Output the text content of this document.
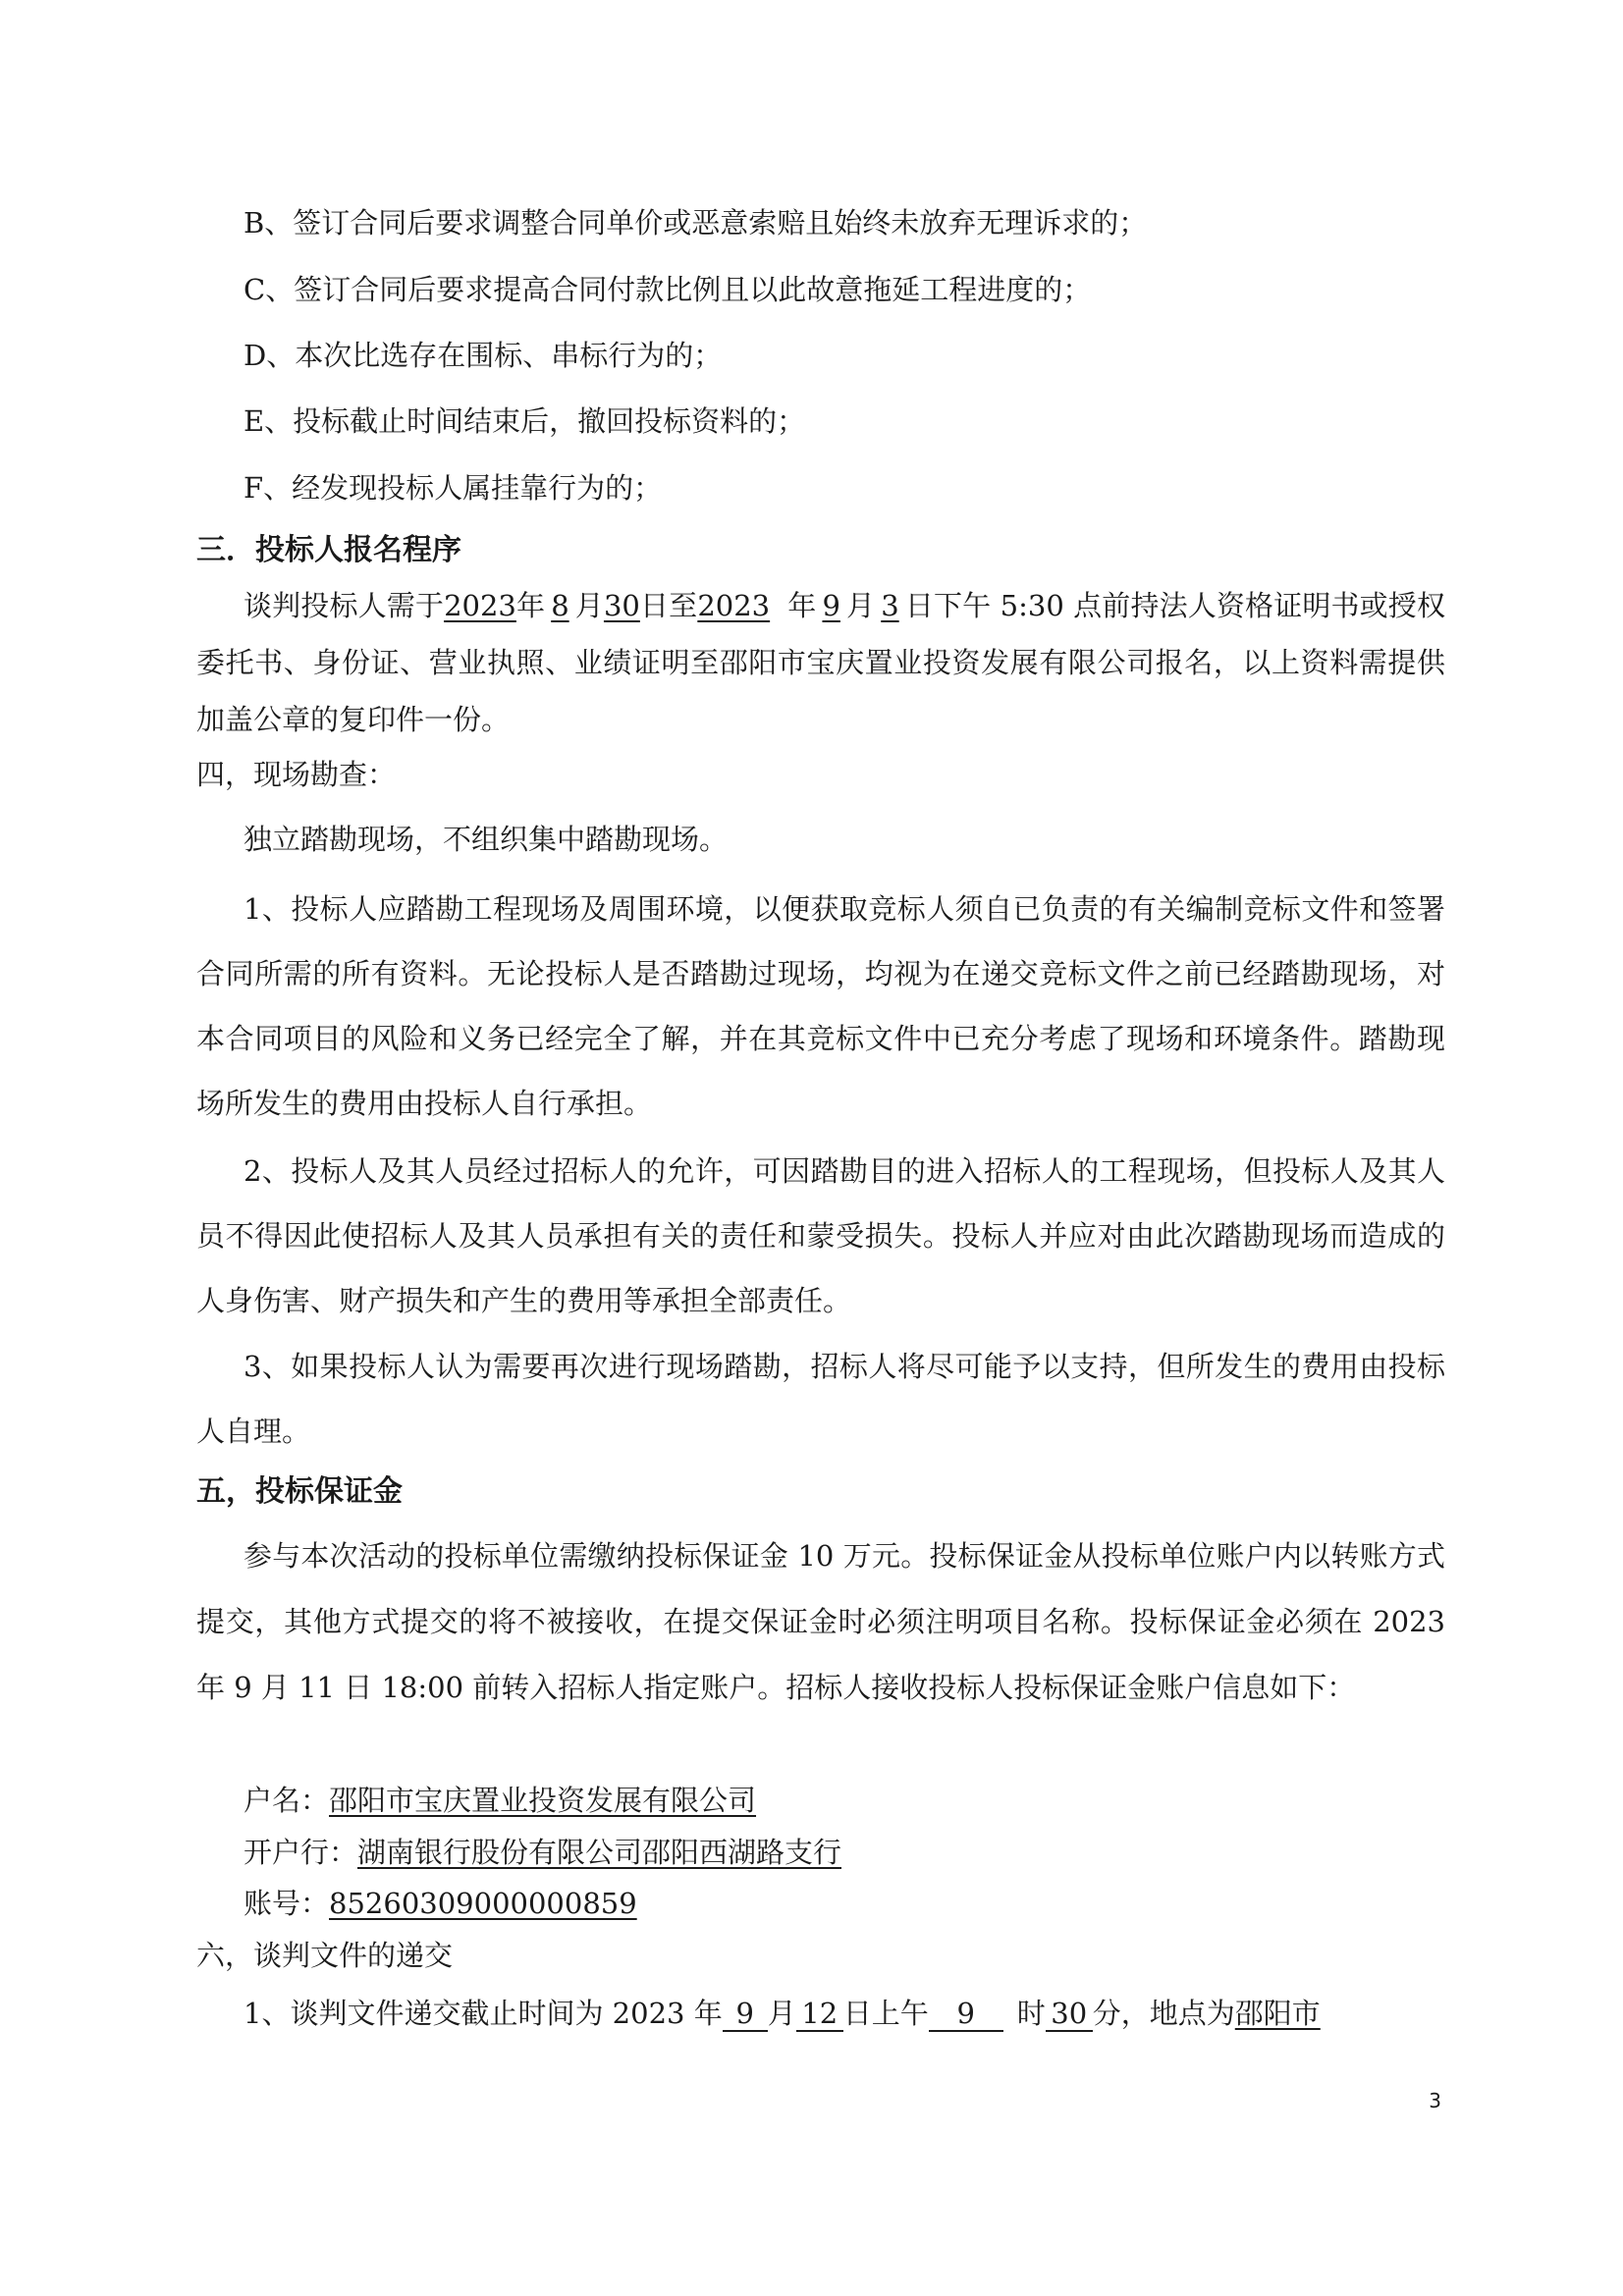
B、签订合同后要求调整合同单价或恶意索赔且始终未放弃无理诉求的；
C、签订合同后要求提高合同付款比例且以此故意拖延工程进度的；
D、本次比选存在围标、串标行为的；
E、投标截止时间结束后，撤回投标资料的；
F、经发现投标人属挂靠行为的；
三．投标人报名程序

谈判投标人需于2023年 8 月30日至2023 年 9 月 3 日下午 5:30 点前持法人资格证明书或授权委托书、身份证、营业执照、业绩证明至邵阳市宝庆置业投资发展有限公司报名，以上资料需提供加盖公章的复印件一份。

四，现场勘查：
独立踏勘现场，不组织集中踏勘现场。

1、投标人应踏勘工程现场及周围环境，以便获取竞标人须自已负责的有关编制竞标文件和签署合同所需的所有资料。无论投标人是否踏勘过现场，均视为在递交竞标文件之前已经踏勘现场，对本合同项目的风险和义务已经完全了解，并在其竞标文件中已充分考虑了现场和环境条件。踏勘现场所发生的费用由投标人自行承担。

2、投标人及其人员经过招标人的允许，可因踏勘目的进入招标人的工程现场，但投标人及其人员不得因此使招标人及其人员承担有关的责任和蒙受损失。投标人并应对由此次踏勘现场而造成的人身伤害、财产损失和产生的费用等承担全部责任。

3、如果投标人认为需要再次进行现场踏勘，招标人将尽可能予以支持，但所发生的费用由投标人自理。

五，投标保证金

参与本次活动的投标单位需缴纳投标保证金 10 万元。投标保证金从投标单位账户内以转账方式提交，其他方式提交的将不被接收，在提交保证金时必须注明项目名称。投标保证金必须在 2023 年 9 月 11 日 18:00 前转入招标人指定账户。招标人接收投标人投标保证金账户信息如下：

户名：邵阳市宝庆置业投资发展有限公司
开户行：湖南银行股份有限公司邵阳西湖路支行
账号：85260309000000859
六，谈判文件的递交
1、谈判文件递交截止时间为 2023 年 9 月 12 日上午 9 时 30 分，地点为邵阳市
3
